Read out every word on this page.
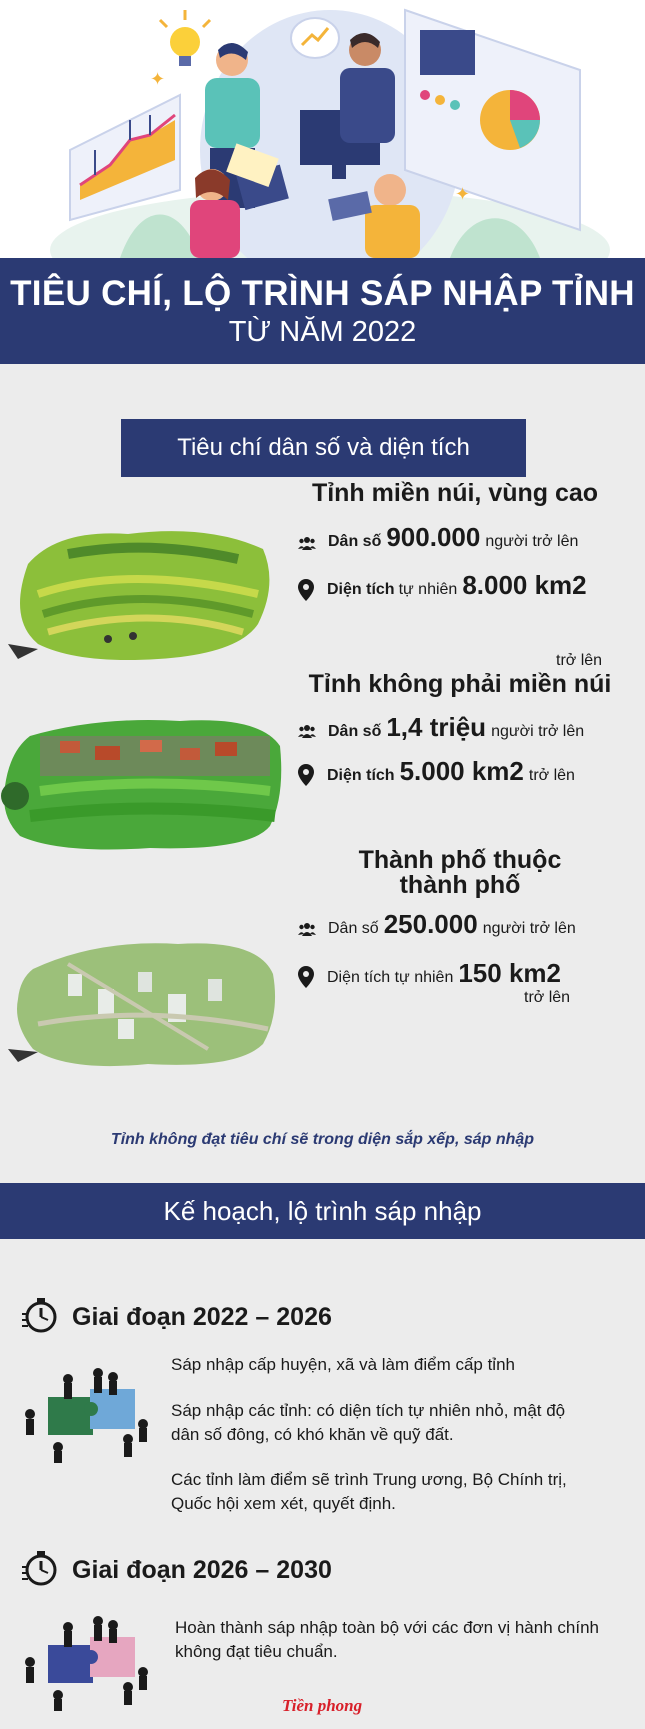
✦
✦
TIÊU CHÍ, LỘ TRÌNH SÁP NHẬP TỈNH
TỪ NĂM 2022
Tiêu chí dân số và diện tích
Tỉnh miền núi, vùng cao
Dân số 900.000 người trở lên
Diện tích tự nhiên 8.000 km2
trở lên
Tỉnh không phải miền núi
Dân số 1,4 triệu người trở lên
Diện tích 5.000 km2 trở lên
Thành phố thuộc
thành phố
Dân số 250.000 người trở lên
Diện tích tự nhiên 150 km2
trở lên
Tỉnh không đạt tiêu chí sẽ trong diện sắp xếp, sáp nhập
Kế hoạch, lộ trình sáp nhập
Giai đoạn 2022 – 2026
Sáp nhập cấp huyện, xã và làm điểm cấp tỉnh
Sáp nhập các tỉnh: có diện tích tự nhiên nhỏ, mật độ
dân số đông, có khó khăn về quỹ đất.
Các tỉnh làm điểm sẽ trình Trung ương, Bộ Chính trị,
Quốc hội xem xét, quyết định.
Giai đoạn 2026 – 2030
Hoàn thành sáp nhập toàn bộ với các đơn vị hành chính
không đạt tiêu chuẩn.
Tiền phong
